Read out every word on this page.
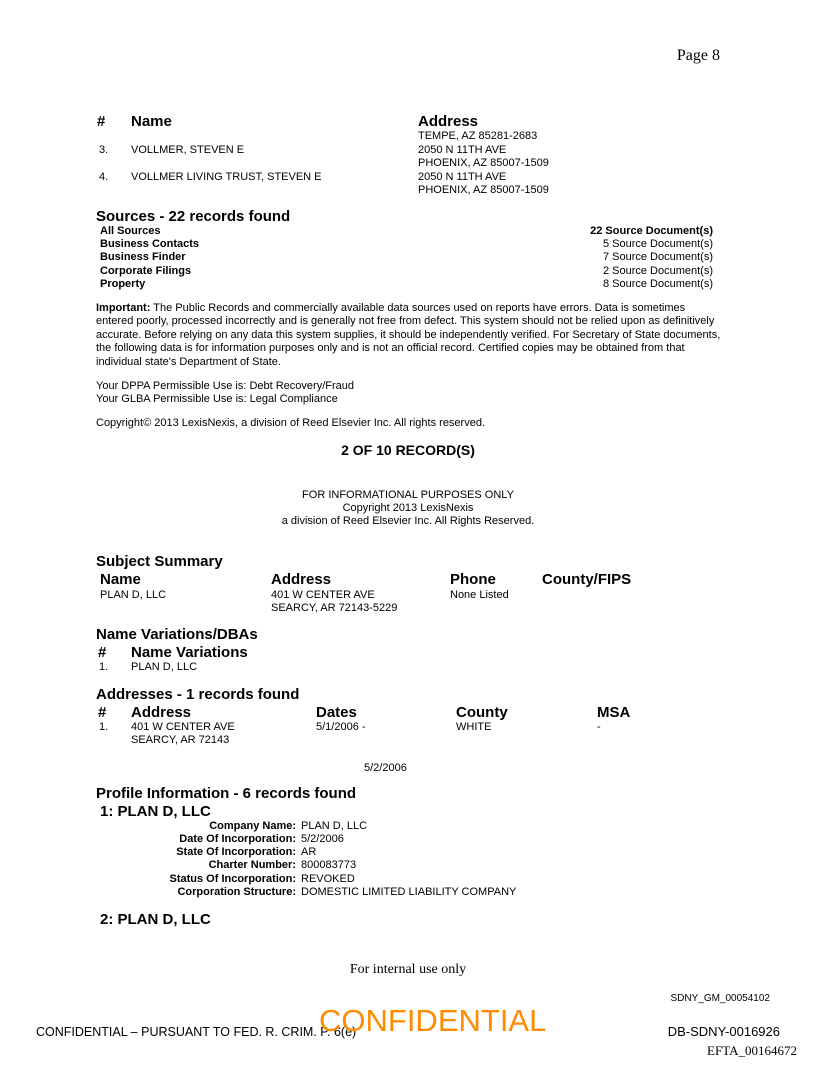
Page 8
# Name	Address
TEMPE, AZ 85281-2683
3. VOLLMER, STEVEN E	2050 N 11TH AVE
PHOENIX, AZ 85007-1509
4. VOLLMER LIVING TRUST, STEVEN E	2050 N 11TH AVE
PHOENIX, AZ 85007-1509
Sources - 22 records found
All Sources	22 Source Document(s)
Business Contacts	5 Source Document(s)
Business Finder	7 Source Document(s)
Corporate Filings	2 Source Document(s)
Property	8 Source Document(s)
Important: The Public Records and commercially available data sources used on reports have errors. Data is sometimes entered poorly, processed incorrectly and is generally not free from defect. This system should not be relied upon as definitively accurate. Before relying on any data this system supplies, it should be independently verified. For Secretary of State documents, the following data is for information purposes only and is not an official record. Certified copies may be obtained from that individual state's Department of State.
Your DPPA Permissible Use is: Debt Recovery/Fraud
Your GLBA Permissible Use is: Legal Compliance
Copyright© 2013 LexisNexis, a division of Reed Elsevier Inc. All rights reserved.
2 OF 10 RECORD(S)
FOR INFORMATIONAL PURPOSES ONLY
Copyright 2013 LexisNexis
a division of Reed Elsevier Inc. All Rights Reserved.
Subject Summary
Name	Address	Phone	County/FIPS
PLAN D, LLC	401 W CENTER AVE
SEARCY, AR 72143-5229
None Listed
Name Variations/DBAs
# Name Variations
1. PLAN D, LLC
Addresses - 1 records found
# Address	Dates	County	MSA
1. 401 W CENTER AVE
SEARCY, AR 72143
5/1/2006 -	WHITE	-
5/2/2006
Profile Information - 6 records found
1: PLAN D, LLC
Company Name: PLAN D, LLC
Date Of Incorporation: 5/2/2006
State Of Incorporation: AR
Charter Number: 800083773
Status Of Incorporation: REVOKED
Corporation Structure: DOMESTIC LIMITED LIABILITY COMPANY
2: PLAN D, LLC
For internal use only
SDNY_GM_00054102
CONFIDENTIAL – PURSUANT TO FED. R. CRIM. P. 6(e)
CONFIDENTIAL	DB-SDNY-0016926
EFTA_00164672
